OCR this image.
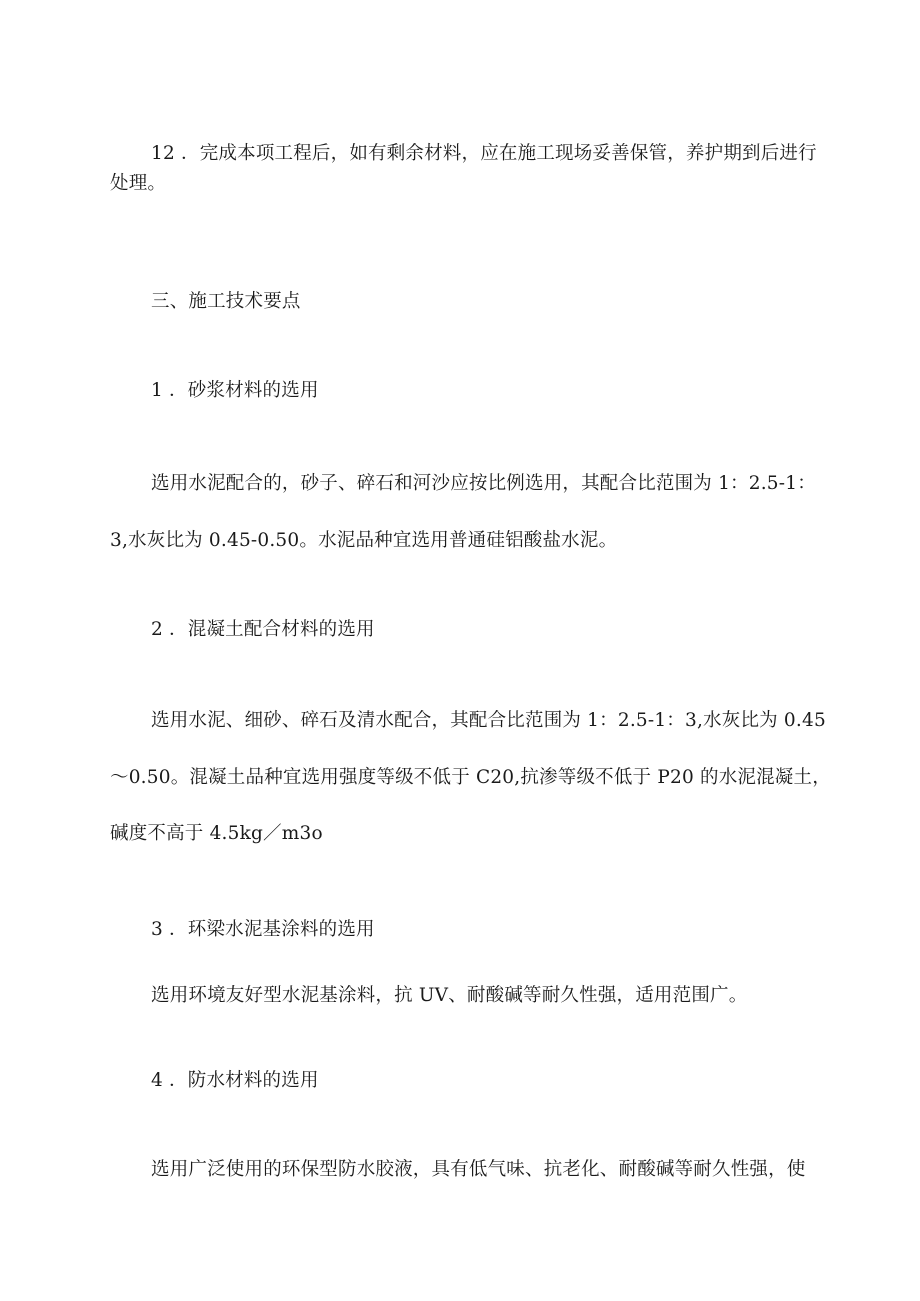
12 ．完成本项工程后，如有剩余材料，应在施工现场妥善保管，养护期到后进行
处理。
三、施工技术要点
1 ．砂浆材料的选用
选用水泥配合的，砂子、碎石和河沙应按比例选用，其配合比范围为 1：2.5-1：
3,水灰比为 0.45-0.50。水泥品种宜选用普通硅铝酸盐水泥。
2 ．混凝土配合材料的选用
选用水泥、细砂、碎石及清水配合，其配合比范围为 1：2.5-1：3,水灰比为 0.45
～0.50。混凝土品种宜选用强度等级不低于 C20,抗渗等级不低于 P20 的水泥混凝土，
碱度不高于 4.5kg／m3o
3 ．环梁水泥基涂料的选用
选用环境友好型水泥基涂料，抗 UV、耐酸碱等耐久性强，适用范围广。
4 ．防水材料的选用
选用广泛使用的环保型防水胶液，具有低气味、抗老化、耐酸碱等耐久性强，使
